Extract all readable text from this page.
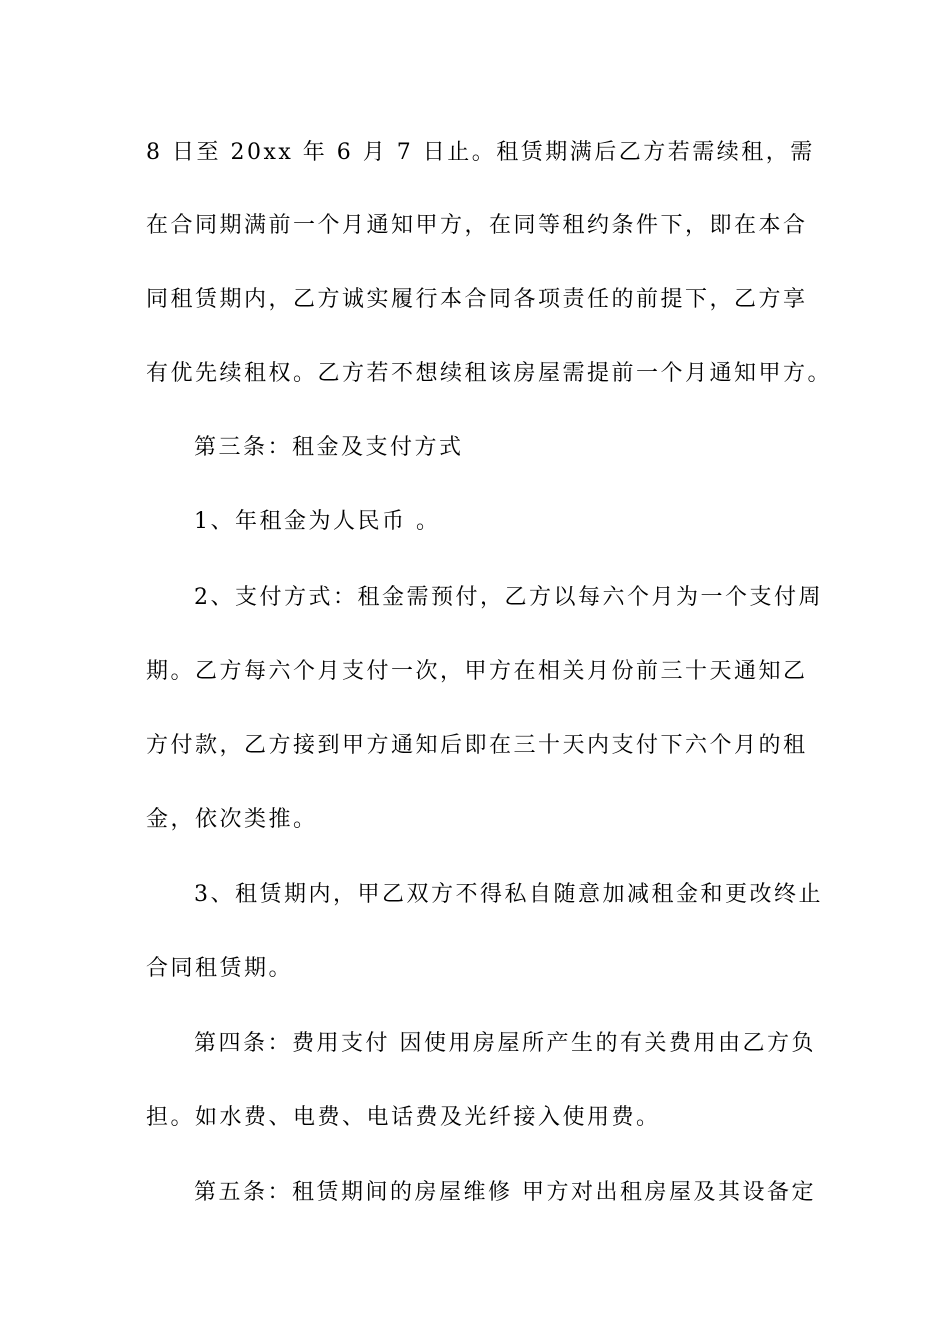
8 日至 20xx 年 6 月 7 日止。租赁期满后乙方若需续租，需
在合同期满前一个月通知甲方，在同等租约条件下，即在本合
同租赁期内，乙方诚实履行本合同各项责任的前提下，乙方享
有优先续租权。乙方若不想续租该房屋需提前一个月通知甲方。
第三条：租金及支付方式
1、年租金为人民币 。
2、支付方式：租金需预付，乙方以每六个月为一个支付周
期。乙方每六个月支付一次，甲方在相关月份前三十天通知乙
方付款，乙方接到甲方通知后即在三十天内支付下六个月的租
金，依次类推。
3、租赁期内，甲乙双方不得私自随意加减租金和更改终止
合同租赁期。
第四条：费用支付 因使用房屋所产生的有关费用由乙方负
担。如水费、电费、电话费及光纤接入使用费。
第五条：租赁期间的房屋维修 甲方对出租房屋及其设备定
